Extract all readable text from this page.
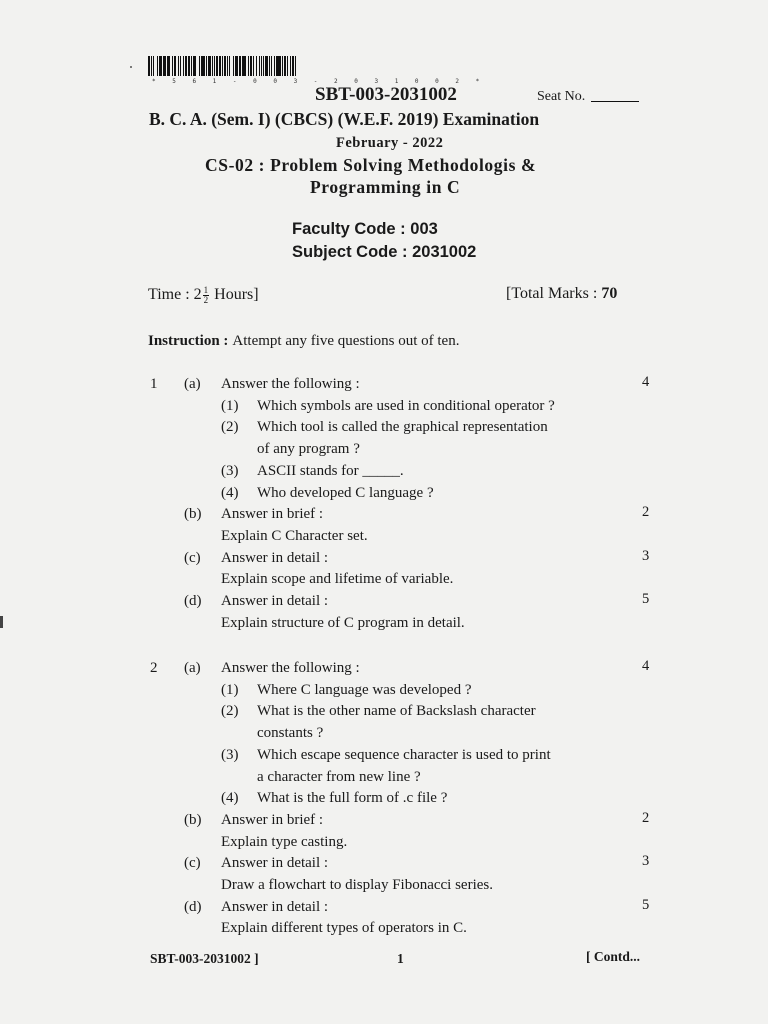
* 5 6 1 - 0 0 3 - 2 0 3 1 0 0 2 *
SBT-003-2031002	Seat No.
B. C. A. (Sem. I) (CBCS) (W.E.F. 2019) Examination
February - 2022
CS-02 : Problem Solving Methodologis &
Programming in C
Faculty Code : 003
Subject Code : 2031002
Time : $2 \frac{1}{2}$ Hours]	[Total Marks : 70
Instruction : Attempt any five questions out of ten.
1 (a) Answer the following :	4
(1) Which symbols are used in conditional operator ?
(2) Which tool is called the graphical representation
of any program ?
(3) ASCII stands for _____.
(4) Who developed C language ?
(b) Answer in brief :	2
Explain C Character set.
(c) Answer in detail :	3
Explain scope and lifetime of variable.
(d) Answer in detail :	5
Explain structure of C program in detail.
2 (a) Answer the following :	4
(1) Where C language was developed ?
(2) What is the other name of Backslash character
constants ?
(3) Which escape sequence character is used to print
a character from new line ?
(4) What is the full form of .c file ?
(b) Answer in brief :	2
Explain type casting.
(c) Answer in detail :	3
Draw a flowchart to display Fibonacci series.
(d) Answer in detail :	5
Explain different types of operators in C.
SBT-003-2031002 ]	1	[ Contd...
